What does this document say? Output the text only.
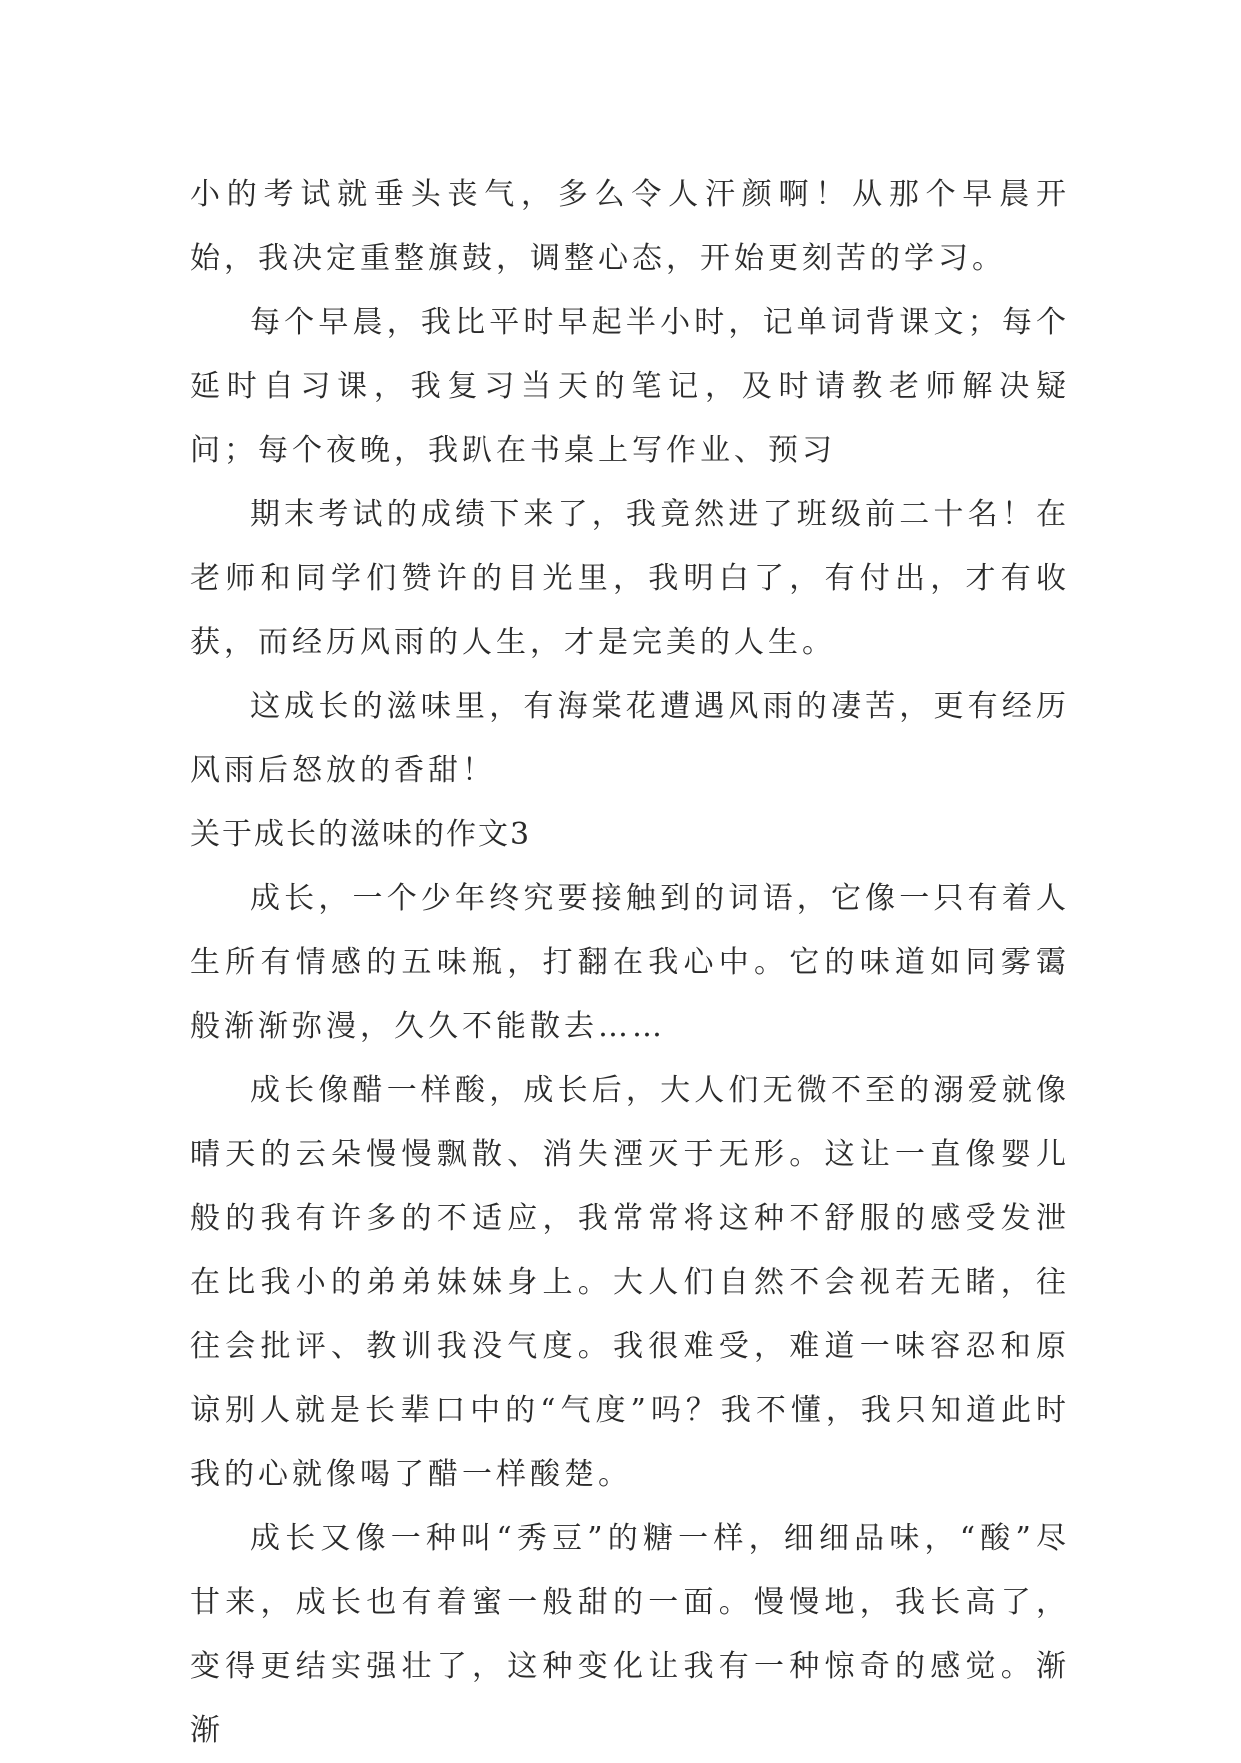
小的考试就垂头丧气，多么令人汗颜啊！从那个早晨开始，我决定重整旗鼓，调整心态，开始更刻苦的学习。

每个早晨，我比平时早起半小时，记单词背课文；每个延时自习课，我复习当天的笔记，及时请教老师解决疑问；每个夜晚，我趴在书桌上写作业、预习

期末考试的成绩下来了，我竟然进了班级前二十名！在老师和同学们赞许的目光里，我明白了，有付出，才有收获，而经历风雨的人生，才是完美的人生。

这成长的滋味里，有海棠花遭遇风雨的凄苦，更有经历风雨后怒放的香甜！

关于成长的滋味的作文3

成长，一个少年终究要接触到的词语，它像一只有着人生所有情感的五味瓶，打翻在我心中。它的味道如同雾霭般渐渐弥漫，久久不能散去……

成长像醋一样酸，成长后，大人们无微不至的溺爱就像晴天的云朵慢慢飘散、消失湮灭于无形。这让一直像婴儿般的我有许多的不适应，我常常将这种不舒服的感受发泄在比我小的弟弟妹妹身上。大人们自然不会视若无睹，往往会批评、教训我没气度。我很难受，难道一味容忍和原谅别人就是长辈口中的“气度”吗？我不懂，我只知道此时我的心就像喝了醋一样酸楚。

成长又像一种叫“秀豆”的糖一样，细细品味，“酸”尽甘来，成长也有着蜜一般甜的一面。慢慢地，我长高了，变得更结实强壮了，这种变化让我有一种惊奇的感觉。渐渐
